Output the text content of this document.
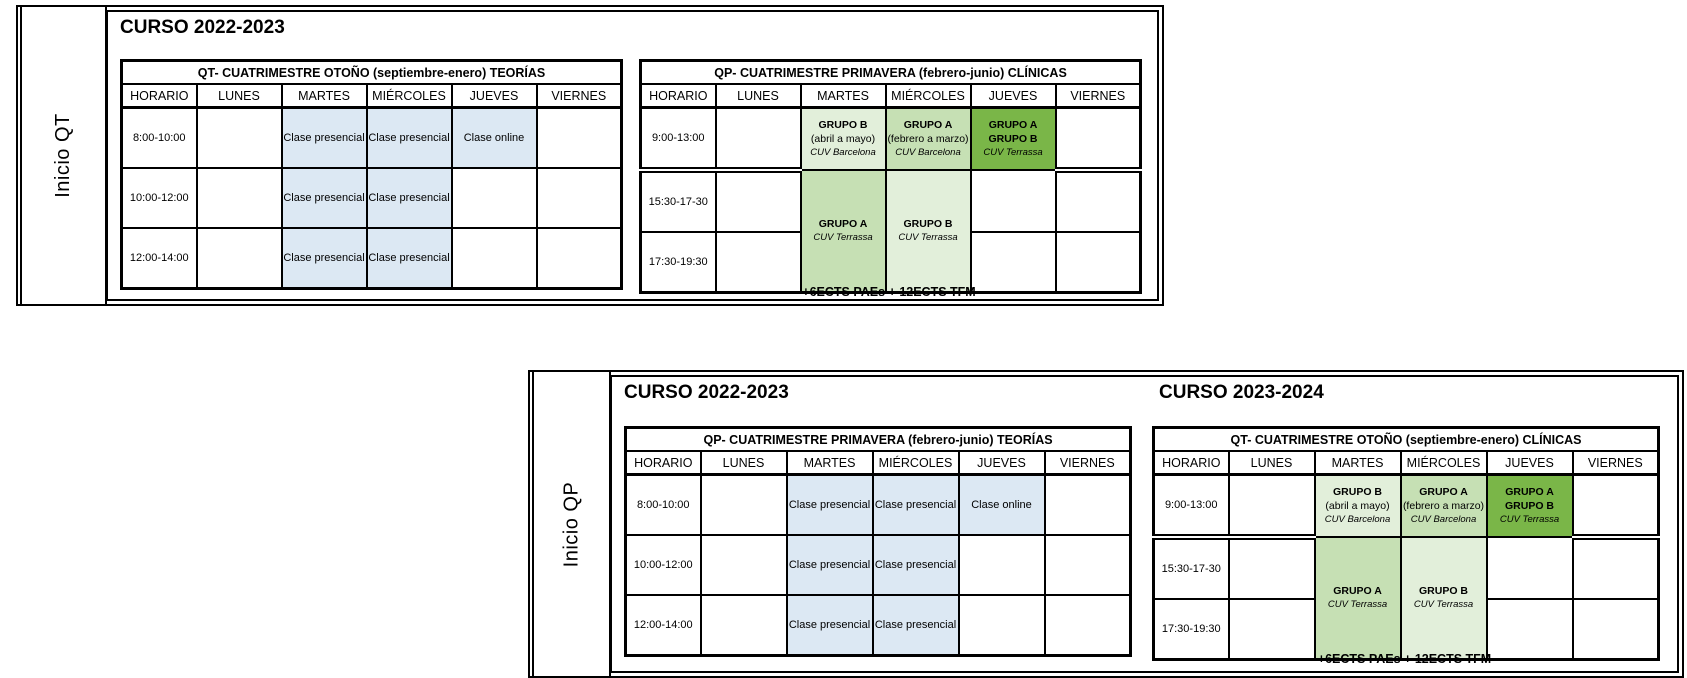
Inicio QT
CURSO 2022-2023
QT- CUATRIMESTRE OTOÑO (septiembre-enero) TEORÍAS					
HORARIO	LUNES	MARTES	MIÉRCOLES	JUEVES	VIERNES
8:00-10:00		Clase presencial	Clase presencial	Clase online	
10:00-12:00		Clase presencial	Clase presencial		
12:00-14:00		Clase presencial	Clase presencial		
QP- CUATRIMESTRE PRIMAVERA (febrero-junio) CLÍNICAS					
HORARIO	LUNES	MARTES	MIÉRCOLES	JUEVES	VIERNES
9:00-13:00		GRUPO B
(abril a mayo)
CUV Barcelona	GRUPO A
(febrero a marzo)
CUV Barcelona	GRUPO A
GRUPO B
CUV Terrassa	

15:30-17-30		GRUPO A
CUV Terrassa	GRUPO B
CUV Terrassa		

17:30-19:30					
+6ECTS PAEs + 12ECTS TFM
Inicio QP
CURSO 2022-2023	CURSO 2023-2024
QP- CUATRIMESTRE PRIMAVERA (febrero-junio) TEORÍAS					
HORARIO	LUNES	MARTES	MIÉRCOLES	JUEVES	VIERNES
8:00-10:00		Clase presencial	Clase presencial	Clase online	
10:00-12:00		Clase presencial	Clase presencial		
12:00-14:00		Clase presencial	Clase presencial		
QT- CUATRIMESTRE OTOÑO (septiembre-enero) CLÍNICAS					
HORARIO	LUNES	MARTES	MIÉRCOLES	JUEVES	VIERNES
9:00-13:00		GRUPO B
(abril a mayo)
CUV Barcelona	GRUPO A
(febrero a marzo)
CUV Barcelona	GRUPO A
GRUPO B
CUV Terrassa	

15:30-17-30		GRUPO A
CUV Terrassa	GRUPO B
CUV Terrassa		

17:30-19:30					
+6ECTS PAEs + 12ECTS TFM
